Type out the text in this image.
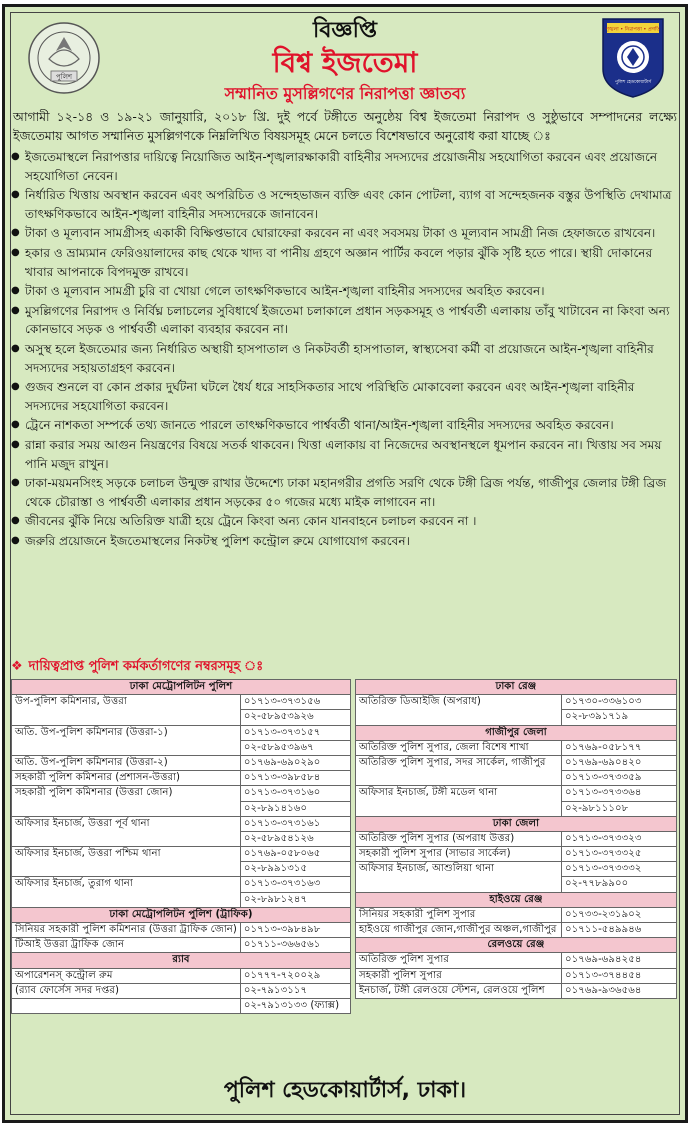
পুলিশ
বিজ্ঞপ্তি
বিশ্ব ইজতেমা
সম্মানিত মুসল্লিগণের নিরাপত্তা জ্ঞাতব্য
শৃঙ্খলা • নিরাপত্তা • প্রগতি
পুলিশ হেডকোয়ার্টার্স
আগামী ১২-১৪ ও ১৯-২১ জানুয়ারি, ২০১৮ খ্রি. দুই পর্বে টঙ্গীতে অনুষ্ঠেয় বিশ্ব ইজতেমা নিরাপদ ও সুষ্ঠুভাবে সম্পাদনের লক্ষ্যে ইজতেমায় আগত সম্মানিত মুসল্লিগণকে নিম্নলিখিত বিষয়সমূহ মেনে চলতে বিশেষভাবে অনুরোধ করা যাচ্ছে ঃ
● ইজতেমাস্থলে নিরাপত্তার দায়িত্বে নিয়োজিত আইন-শৃঙ্খলারক্ষাকারী বাহিনীর সদস্যদের প্রয়োজনীয় সহযোগিতা করবেন এবং প্রয়োজনে সহযোগিতা নেবেন।
● নির্ধারিত খিত্তায় অবস্থান করবেন এবং অপরিচিত ও সন্দেহভাজন ব্যক্তি এবং কোন পোটলা, ব্যাগ বা সন্দেহজনক বস্তুর উপস্থিতি দেখামাত্র তাৎক্ষণিকভাবে আইন-শৃঙ্খলা বাহিনীর সদস্যদেরকে জানাবেন।
● টাকা ও মূল্যবান সামগ্রীসহ একাকী বিক্ষিপ্তভাবে ঘোরাফেরা করবেন না এবং সবসময় টাকা ও মূল্যবান সামগ্রী নিজ হেফাজতে রাখবেন।
● হকার ও ভ্রাম্যমান ফেরিওয়ালাদের কাছ থেকে খাদ্য বা পানীয় গ্রহণে অজ্ঞান পার্টির কবলে পড়ার ঝুঁকি সৃষ্টি হতে পারে। স্থায়ী দোকানের খাবার আপনাকে বিপদমুক্ত রাখবে।
● টাকা ও মূল্যবান সামগ্রী চুরি বা খোয়া গেলে তাৎক্ষণিকভাবে আইন-শৃঙ্খলা বাহিনীর সদস্যদের অবহিত করবেন।
● মুসল্লিগণের নিরাপদ ও নির্বিঘ্ন চলাচলের সুবিধার্থে ইজতেমা চলাকালে প্রধান সড়কসমূহ ও পার্শ্ববর্তী এলাকায় তাঁবু খাটাবেন না কিংবা অন্য কোনভাবে সড়ক ও পার্শ্ববর্তী এলাকা ব্যবহার করবেন না।
● অসুস্থ হলে ইজতেমার জন্য নির্ধারিত অস্থায়ী হাসপাতাল ও নিকটবর্তী হাসপাতাল, স্বাস্থ্যসেবা কর্মী বা প্রয়োজনে আইন-শৃঙ্খলা বাহিনীর সদস্যদের সহায়তাগ্রহণ করবেন।
● গুজব শুনলে বা কোন প্রকার দুর্ঘটনা ঘটলে ধৈর্য ধরে সাহসিকতার সাথে পরিস্থিতি মোকাবেলা করবেন এবং আইন-শৃঙ্খলা বাহিনীর সদস্যদের সহযোগিতা করবেন।
● ট্রেনে নাশকতা সম্পর্কে তথ্য জানতে পারলে তাৎক্ষণিকভাবে পার্শ্ববর্তী থানা/আইন-শৃঙ্খলা বাহিনীর সদস্যদের অবহিত করবেন।
● রান্না করার সময় আগুন নিয়ন্ত্রণের বিষয়ে সতর্ক থাকবেন। খিত্তা এলাকায় বা নিজেদের অবস্থানস্থলে ধূমপান করবেন না। খিত্তায় সব সময় পানি মজুদ রাখুন।
● ঢাকা-ময়মনসিংহ সড়কে চলাচল উন্মুক্ত রাখার উদ্দেশ্যে ঢাকা মহানগরীর প্রগতি সরণি থেকে টঙ্গী ব্রিজ পর্যন্ত, গাজীপুর জেলার টঙ্গী ব্রিজ থেকে চৌরাস্তা ও পার্শ্ববর্তী এলাকার প্রধান সড়কের ৫০ গজের মধ্যে মাইক লাগাবেন না।
● জীবনের ঝুঁকি নিয়ে অতিরিক্ত যাত্রী হয়ে ট্রেনে কিংবা অন্য কোন যানবাহনে চলাচল করবেন না ।
● জরুরি প্রয়োজনে ইজতেমাস্থলের নিকটস্থ পুলিশ কন্ট্রোল রুমে যোগাযোগ করবেন।
❖ দায়িত্বপ্রাপ্ত পুলিশ কর্মকর্তাগণের নম্বরসমূহ ঃ
ঢাকা মেট্রোপলিটন পুলিশ	
উপ-পুলিশ কমিশনার, উত্তরা	০১৭১৩-৩৭৩১৫৬
	০২-৫৮৯৫৩৯২৬
অতি. উপ-পুলিশ কমিশনার (উত্তরা-১)	০১৭১৩-৩৭৩১৫৭
	০২-৫৮৯৫৩৯৬৭
অতি. উপ-পুলিশ কমিশনার (উত্তরা-২)	০১৭৬৯-৬৯০২৯০
সহকারী পুলিশ কমিশনার (প্রশাসন-উত্তরা)	০১৭১৩-৩৯৮৫৮৪
সহকারী পুলিশ কমিশনার (উত্তরা জোন)	০১৭১৩-৩৭৩১৬০
	০২-৮৯১৪১৬০
অফিসার ইনচার্জ, উত্তরা পূর্ব থানা	০১৭১৩-৩৭৩১৬১
	০২-৫৮৯৫৪১২৬
অফিসার ইনচার্জ, উত্তরা পশ্চিম থানা	০১৭৬৯-০৫৮০৬৫
	০২-৮৯৯১৩১৫
অফিসার ইনচার্জ, তুরাগ থানা	০১৭১৩-৩৭৩১৬৩
	০২-৮৯৮১২৪৭
ঢাকা মেট্রোপলিটন পুলিশ (ট্রাফিক)	
সিনিয়র সহকারী পুলিশ কমিশনার (উত্তরা ট্রাফিক জোন)	০১৭১৩-৩৯৮৪৯৮
টিআই উত্তরা ট্রাফিক জোন	০১৭১১-৩৬৬৫৬১
র‍্যাব	
অপারেশনস্ কন্ট্রোল রুম	০১৭৭৭-৭২০০২৯
(র‍্যাব ফোর্সেস সদর দপ্তর)	০২-৭৯১৩১১৭
	০২-৭৯১৩১৩৩ (ফ্যাক্স)
ঢাকা রেঞ্জ	
অতিরিক্ত ডিআইজি (অপরাধ)	০১৭৩০-৩৩৬১০৩
	০২-৮৩৯১৭১৯
গাজীপুর জেলা	
অতিরিক্ত পুলিশ সুপার, জেলা বিশেষ শাখা	০১৭৬৯-০৫৮১৭৭
অতিরিক্ত পুলিশ সুপার, সদর সার্কেল, গাজীপুর	০১৭৬৯-৬৯০৪২০
	০১৭১৩-৩৭৩৩৫৯
অফিসার ইনচার্জ, টঙ্গী মডেল থানা	০১৭১৩-৩৭৩৩৬৪
	০২-৯৮১১১০৮
ঢাকা জেলা	
অতিরিক্ত পুলিশ সুপার (অপরাধ উত্তর)	০১৭১৩-৩৭৩৩২৩
সহকারী পুলিশ সুপার (সাভার সার্কেল)	০১৭১৩-৩৭৩৩২৫
অফিসার ইনচার্জ, আশুলিয়া থানা	০১৭১৩-৩৭৩৩৩২
	০২-৭৭৮৯৯০০
হাইওয়ে রেঞ্জ	
সিনিয়র সহকারী পুলিশ সুপার	০১৭৩৩-২৩১৯০২
হাইওয়ে গাজীপুর জোন,গাজীপুর অঞ্চল,গাজীপুর	০১৭১১-৫৪৯৯৪৬
রেলওয়ে রেঞ্জ	
অতিরিক্ত পুলিশ সুপার	০১৭৬৯-৬৯৪২৫৪
সহকারী পুলিশ সুপার	০১৭১৩-৩৭৪৪৫৪
ইনচার্জ, টঙ্গী রেলওয়ে স্টেশন, রেলওয়ে পুলিশ	০১৭৬৯-৯৩৬৫৬৪
পুলিশ হেডকোয়ার্টার্স, ঢাকা।
